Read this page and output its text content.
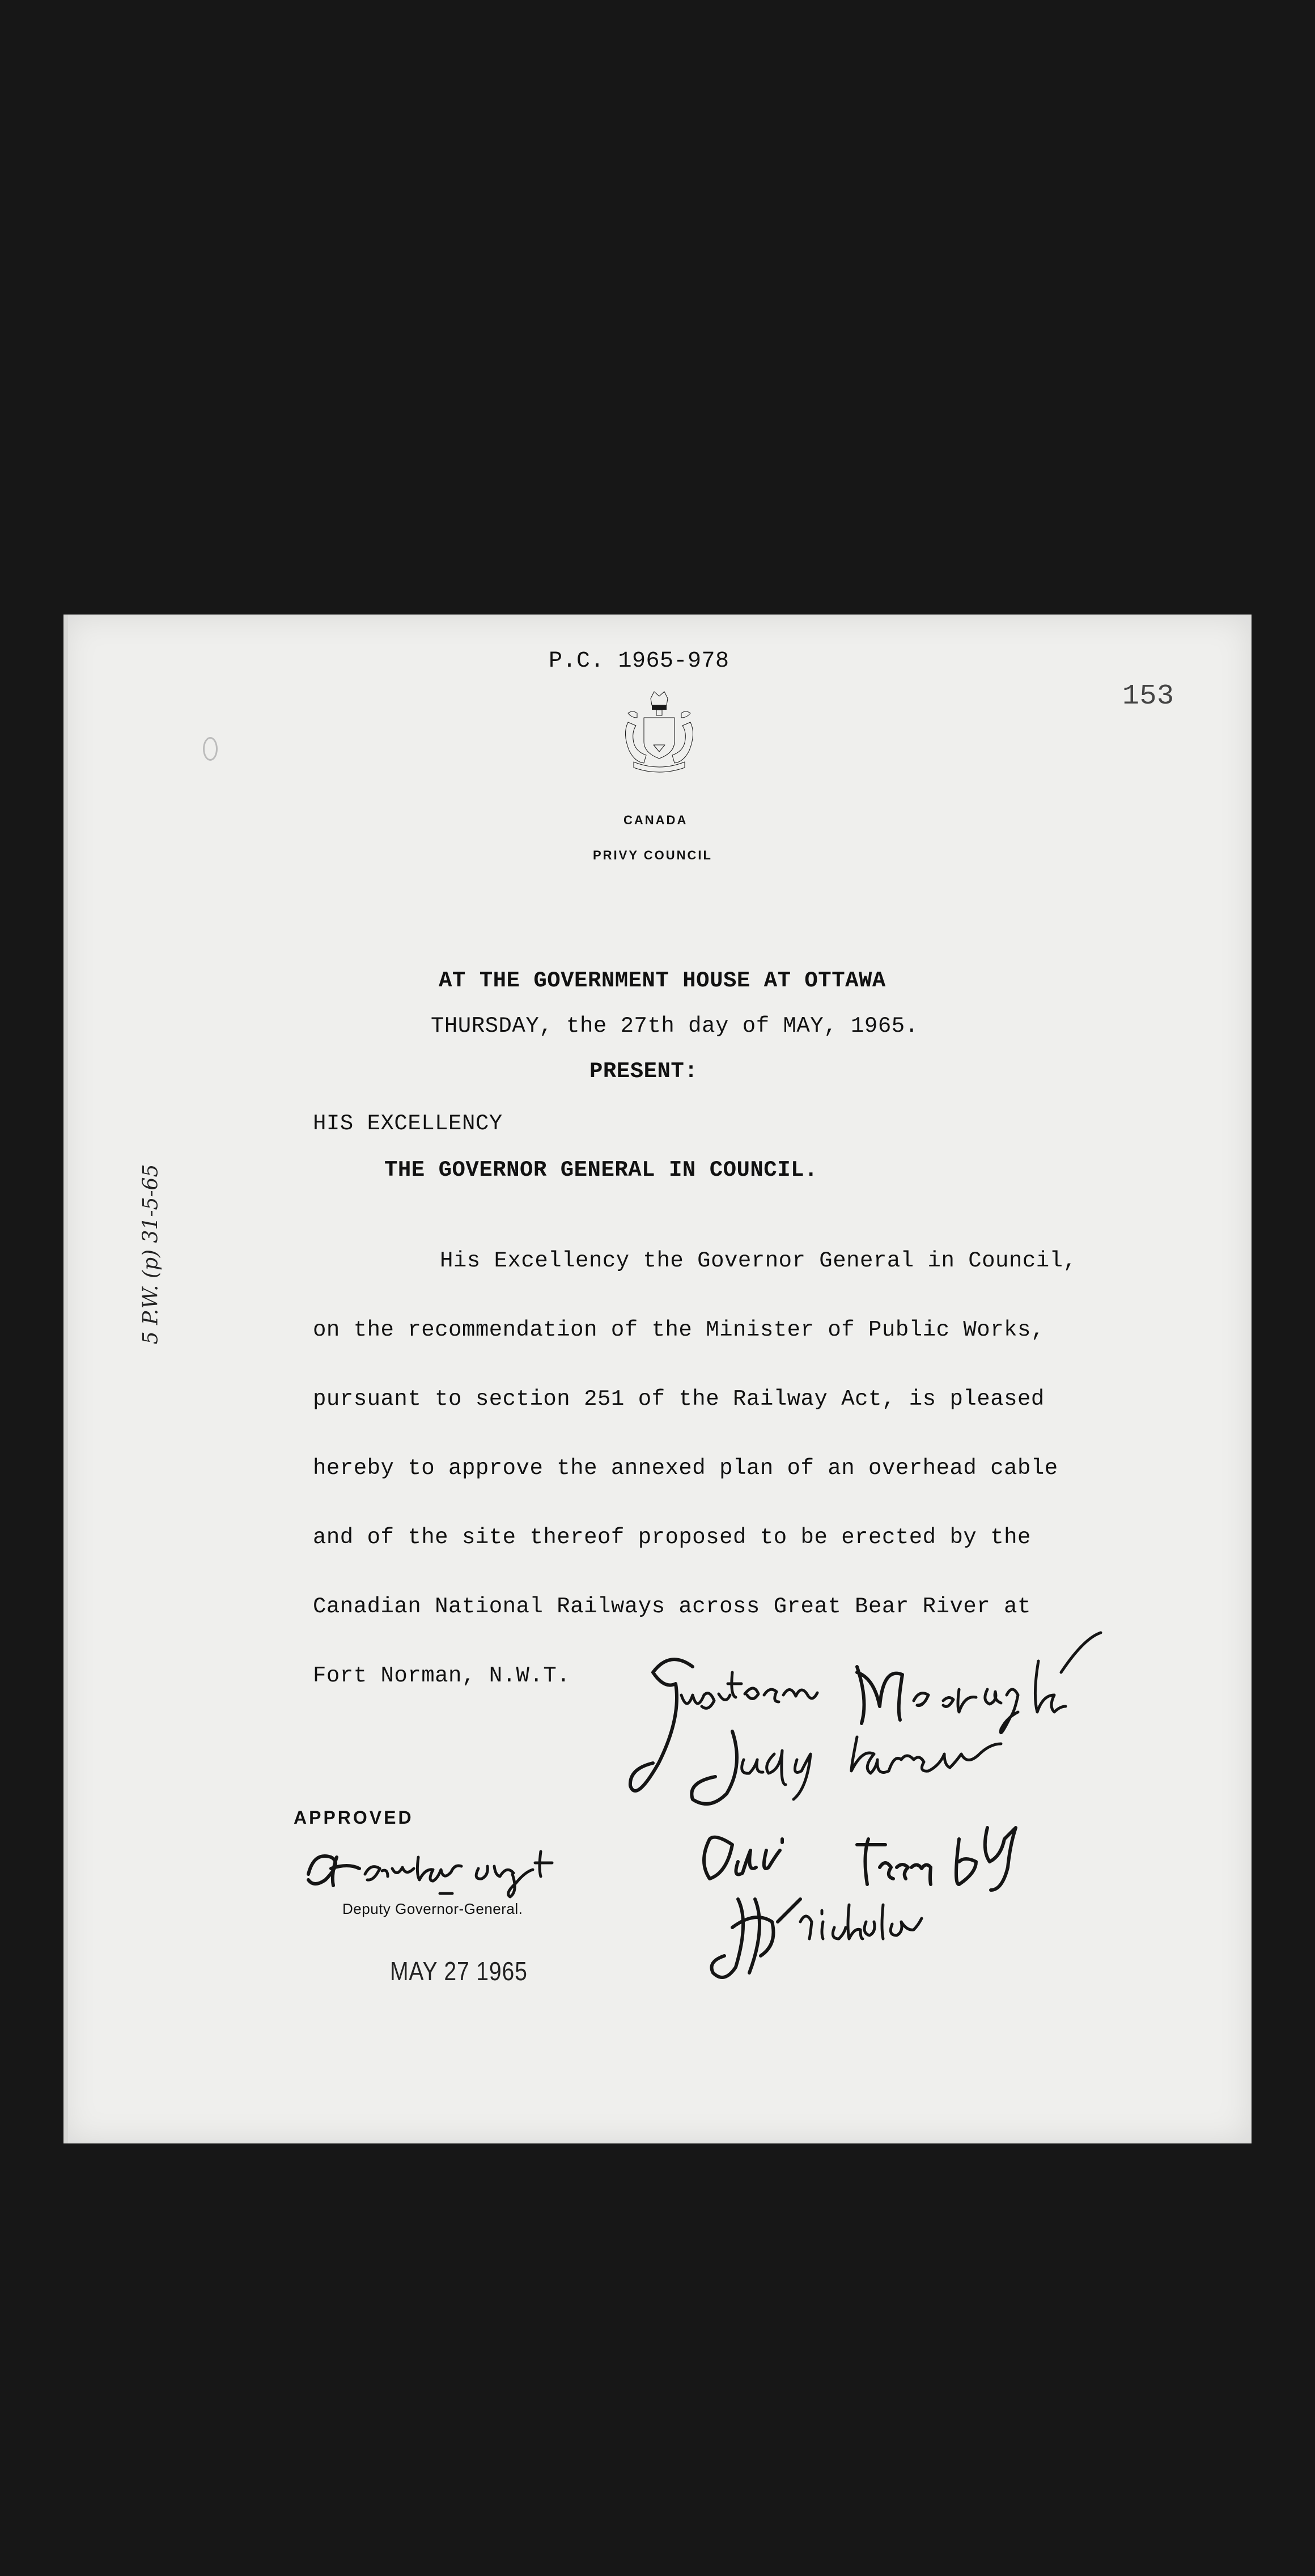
P.C. 1965-978
153
CANADA
PRIVY COUNCIL
AT THE GOVERNMENT HOUSE AT OTTAWA
THURSDAY, the 27th day of MAY, 1965.
PRESENT:
HIS EXCELLENCY
THE GOVERNOR GENERAL IN COUNCIL.
His Excellency the Governor General in Council,
on the recommendation of the Minister of Public Works,
pursuant to section 251 of the Railway Act, is pleased
hereby to approve the annexed plan of an overhead cable
and of the site thereof proposed to be erected by the
Canadian National Railways across Great Bear River at
Fort Norman, N.W.T.
5 P.W. (p) 31-5-65
APPROVED
Deputy Governor-General.
MAY 27 1965
